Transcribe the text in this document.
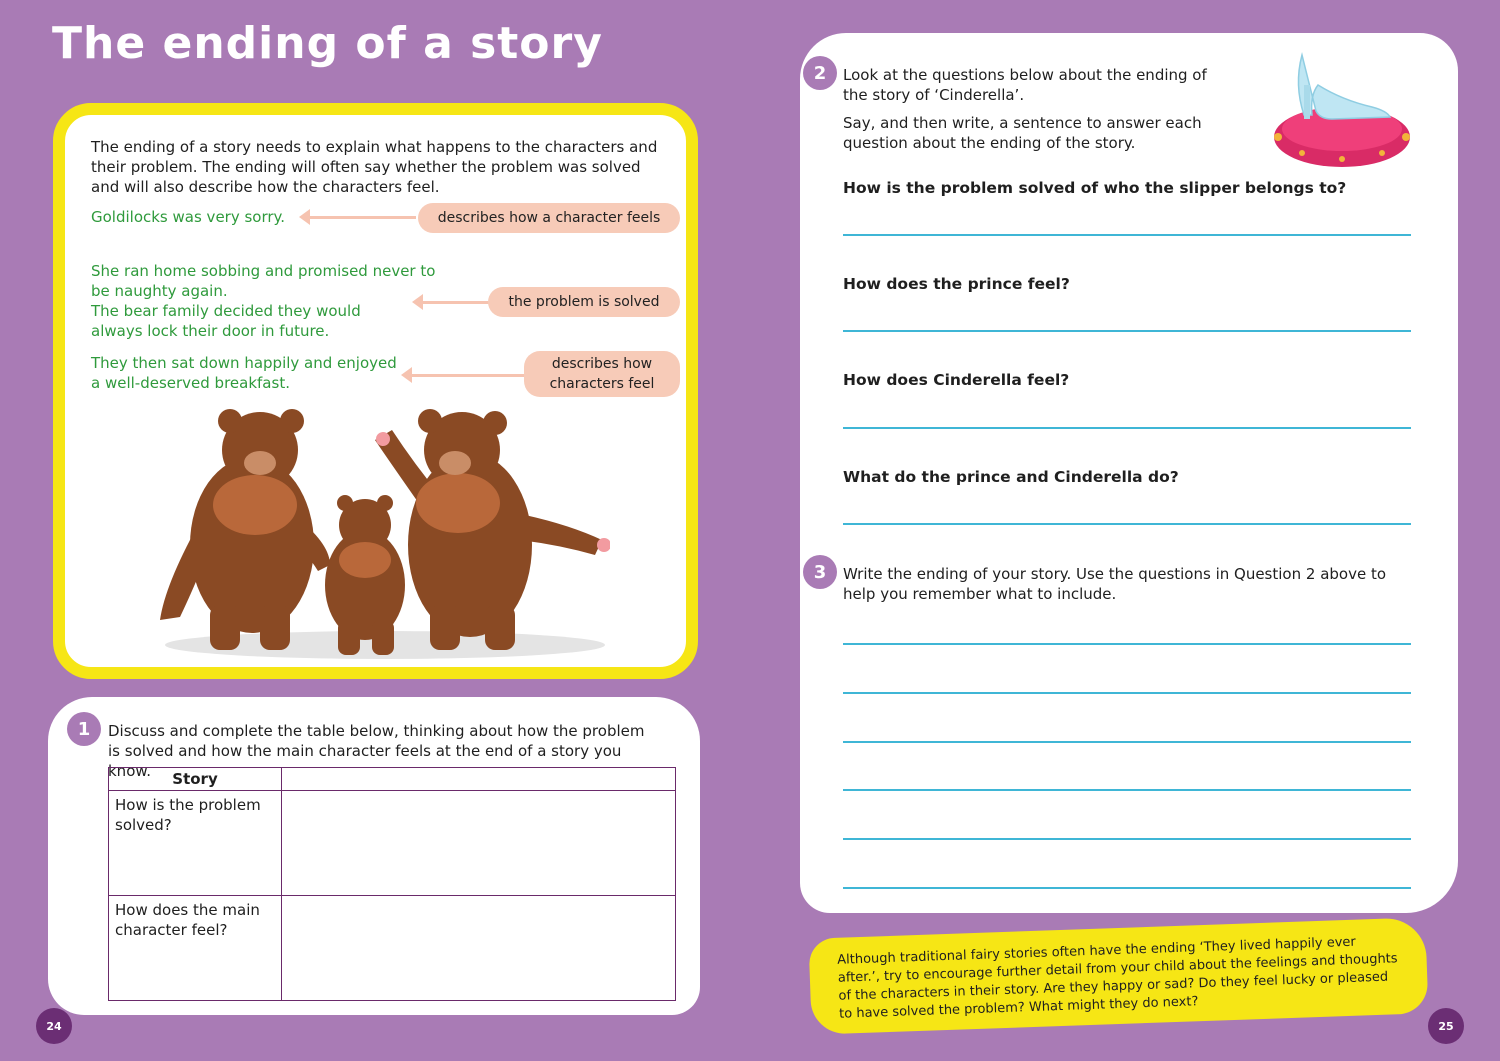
The ending of a story
The ending of a story needs to explain what happens to the characters and their problem. The ending will often say whether the problem was solved and will also describe how the characters feel.
Goldilocks was very sorry.	describes how a character feels
She ran home sobbing and promised never to be naughty again.
The bear family decided they would always lock their door in future.
the problem is solved
They then sat down happily and enjoyed a well-deserved breakfast.
describes how characters feel
1	Discuss and complete the table below, thinking about how the problem is solved and how the main character feels at the end of a story you know.	Story	
How is the problem solved?	
How does the main character feel?	
2	Look at the questions below about the ending of the story of ‘Cinderella’.
Say, and then write, a sentence to answer each question about the ending of the story.
How is the problem solved of who the slipper belongs to?
How does the prince feel?
How does Cinderella feel?
What do the prince and Cinderella do?
3	Write the ending of your story. Use the questions in Question 2 above to help you remember what to include.
Although traditional fairy stories often have the ending ‘They lived happily ever after.’, try to encourage further detail from your child about the feelings and thoughts of the characters in their story. Are they happy or sad? Do they feel lucky or pleased to have solved the problem? What might they do next?
24	25
